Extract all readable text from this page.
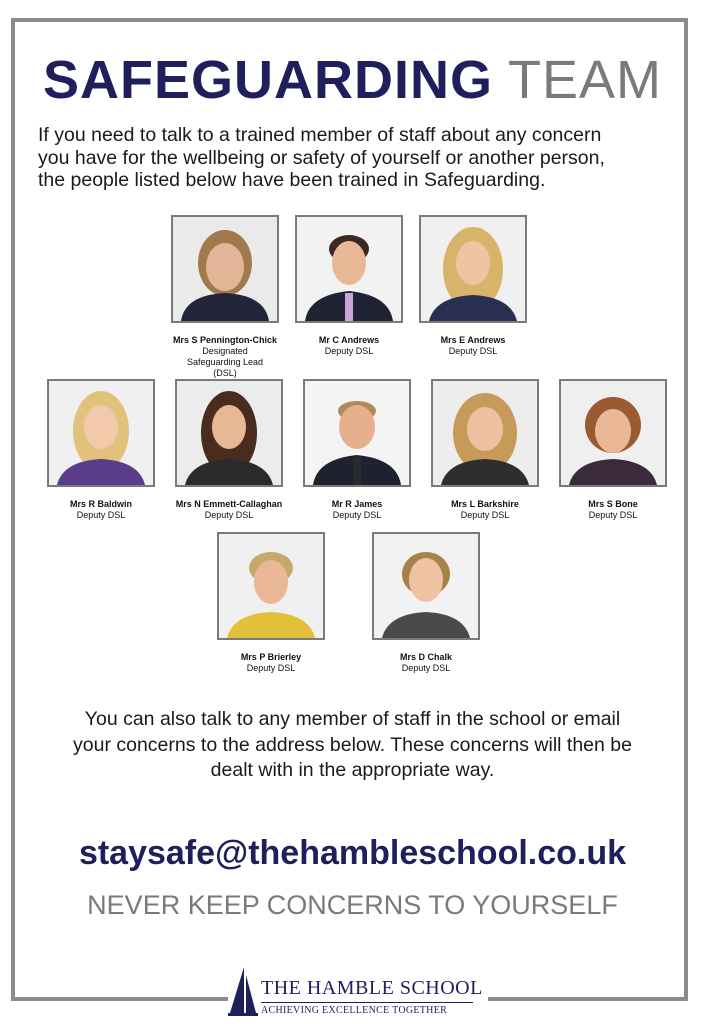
SAFEGUARDING TEAM
If you need to talk to a trained member of staff about any concern
you have for the wellbeing or safety of yourself or another person,
the people listed below have been trained in Safeguarding.
Mrs S Pennington-Chick
Designated Safeguarding Lead (DSL)
Mr C Andrews
Deputy DSL
Mrs E Andrews
Deputy DSL
Mrs R Baldwin
Deputy DSL
Mrs N Emmett-Callaghan
Deputy DSL
Mr R James
Deputy DSL
Mrs L Barkshire
Deputy DSL
Mrs S Bone
Deputy DSL
Mrs P Brierley
Deputy DSL
Mrs D Chalk
Deputy DSL
You can also talk to any member of staff in the school or email
your concerns to the address below. These concerns will then be
dealt with in the appropriate way.
staysafe@thehambleschool.co.uk
NEVER KEEP CONCERNS TO YOURSELF
THE HAMBLE SCHOOL
ACHIEVING EXCELLENCE TOGETHER
